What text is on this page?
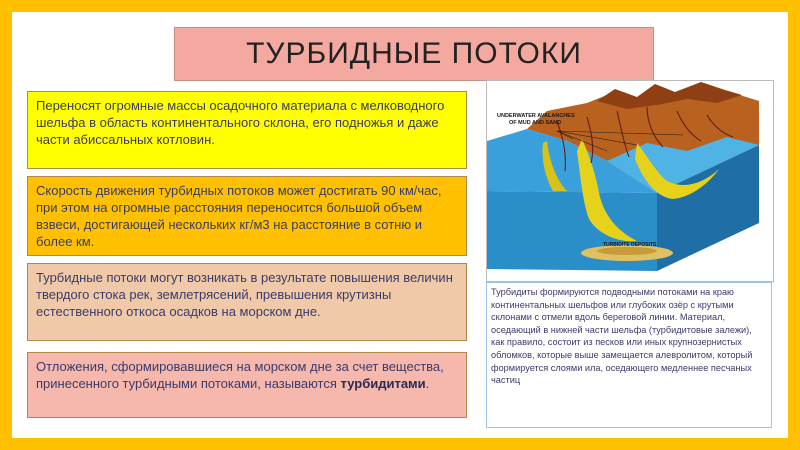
ТУРБИДНЫЕ ПОТОКИ
Переносят огромные массы осадочного материала с мелководного шельфа в область континентального склона, его подножья и даже части абиссальных котловин.
Скорость движения турбидных потоков может достигать 90 км/час, при этом на огромные расстояния переносится большой объем взвеси, достигающей нескольких кг/м3 на расстояние в сотню и более км.
Турбидные потоки могут возникать в результате повышения величин твердого стока рек, землетрясений, превышения крутизны естественного откоса осадков на морском дне.
Отложения, сформировавшиеся на морском дне за счет вещества, принесенного турбидными потоками, называются турбидитами.
UNDERWATER AVALANCHES
OF MUD AND SAND
TURBIDITE DEPOSITS
Турбидиты формируются подводными потоками на краю континентальных шельфов или глубоких озёр с крутыми склонами с отмели вдоль береговой линии. Материал, оседающий в нижней части шельфа (турбидитовые залежи), как правило, состоит из песков или иных крупнозернистых обломков, которые выше замещается алевролитом, который формируется слоями ила, оседающего медленнее песчаных частиц
